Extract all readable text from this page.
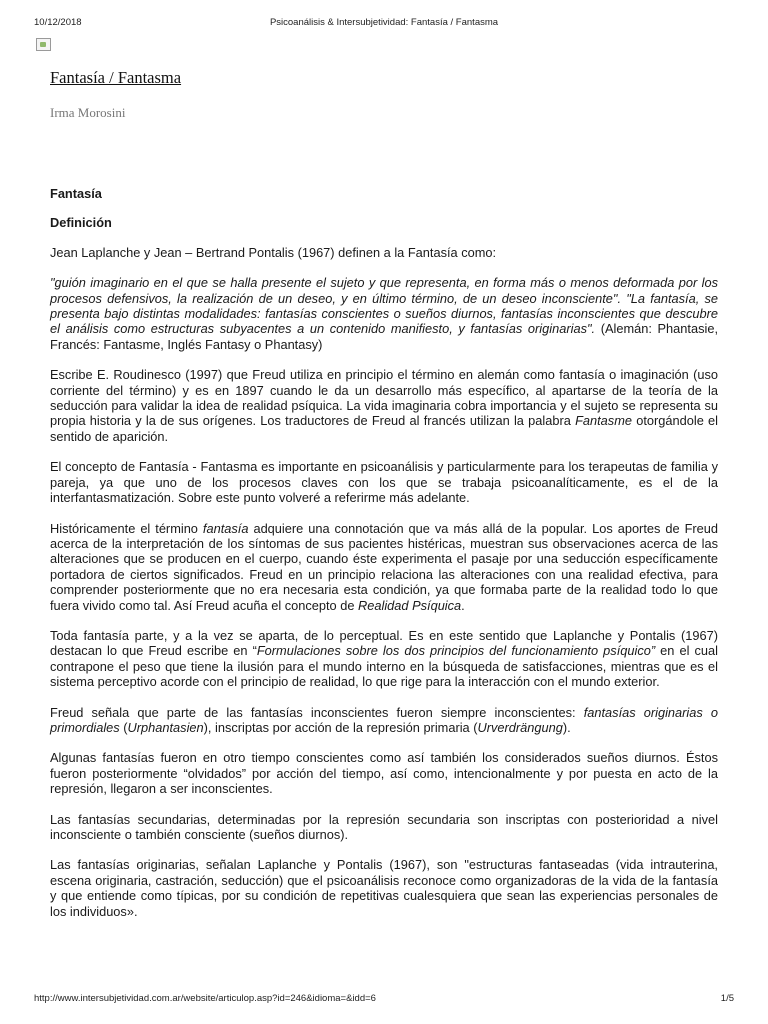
10/12/2018	Psicoanálisis & Intersubjetividad: Fantasía / Fantasma
Fantasía / Fantasma
Irma Morosini
Fantasía
Definición

Jean Laplanche y Jean – Bertrand Pontalis (1967) definen a la Fantasía como:

"guión imaginario en el que se halla presente el sujeto y que representa, en forma más o menos deformada por los procesos defensivos, la realización de un deseo, y en último término, de un deseo inconsciente". "La fantasía, se presenta bajo distintas modalidades: fantasías conscientes o sueños diurnos, fantasías inconscientes que descubre el análisis como estructuras subyacentes a un contenido manifiesto, y fantasías originarias". (Alemán: Phantasie, Francés: Fantasme, Inglés Fantasy o Phantasy)

Escribe E. Roudinesco (1997) que Freud utiliza en principio el término en alemán como fantasía o imaginación (uso corriente del término) y es en 1897 cuando le da un desarrollo más específico, al apartarse de la teoría de la seducción para validar la idea de realidad psíquica. La vida imaginaria cobra importancia y el sujeto se representa su propia historia y la de sus orígenes. Los traductores de Freud al francés utilizan la palabra Fantasme otorgándole el sentido de aparición.

El concepto de Fantasía - Fantasma es importante en psicoanálisis y particularmente para los terapeutas de familia y pareja, ya que uno de los procesos claves con los que se trabaja psicoanalíticamente, es el de la interfantasmatización. Sobre este punto volveré a referirme más adelante.

Históricamente el término fantasía adquiere una connotación que va más allá de la popular. Los aportes de Freud acerca de la interpretación de los síntomas de sus pacientes histéricas, muestran sus observaciones acerca de las alteraciones que se producen en el cuerpo, cuando éste experimenta el pasaje por una seducción específicamente portadora de ciertos significados. Freud en un principio relaciona las alteraciones con una realidad efectiva, para comprender posteriormente que no era necesaria esta condición, ya que formaba parte de la realidad todo lo que fuera vivido como tal. Así Freud acuña el concepto de Realidad Psíquica.

Toda fantasía parte, y a la vez se aparta, de lo perceptual. Es en este sentido que Laplanche y Pontalis (1967) destacan lo que Freud escribe en “Formulaciones sobre los dos principios del funcionamiento psíquico” en el cual contrapone el peso que tiene la ilusión para el mundo interno en la búsqueda de satisfacciones, mientras que es el sistema perceptivo acorde con el principio de realidad, lo que rige para la interacción con el mundo exterior.

Freud señala que parte de las fantasías inconscientes fueron siempre inconscientes: fantasías originarias o primordiales (Urphantasien), inscriptas por acción de la represión primaria (Urverdrängung).

Algunas fantasías fueron en otro tiempo conscientes como así también los considerados sueños diurnos. Éstos fueron posteriormente “olvidados” por acción del tiempo, así como, intencionalmente y por puesta en acto de la represión, llegaron a ser inconscientes.

Las fantasías secundarias, determinadas por la represión secundaria son inscriptas con posterioridad a nivel inconsciente o también consciente (sueños diurnos).

Las fantasías originarias, señalan Laplanche y Pontalis (1967), son "estructuras fantaseadas (vida intrauterina, escena originaria, castración, seducción) que el psicoanálisis reconoce como organizadoras de la vida de la fantasía y que entiende como típicas, por su condición de repetitivas cualesquiera que sean las experiencias personales de los individuos».

http://www.intersubjetividad.com.ar/website/articulop.asp?id=246&idioma=&idd=6	1/5
